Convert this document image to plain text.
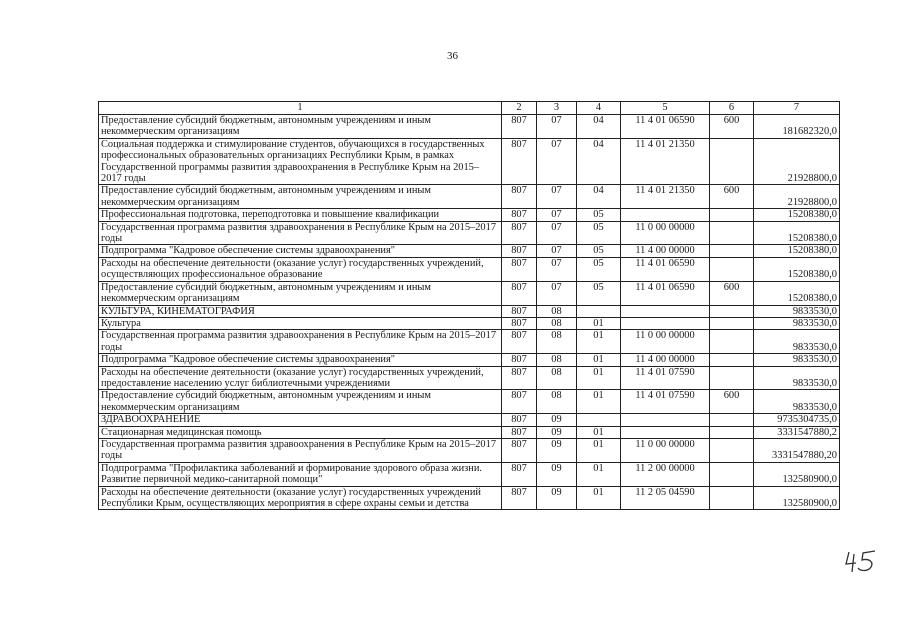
36
1	2	3	4	5	6	7
Предоставление субсидий бюджетным, автономным учреждениям и иным некоммерческим организациям	807	07	04	11 4 01 06590	600	181682320,0
Социальная поддержка и стимулирование студентов, обучающихся в государственных профессиональных образовательных организациях Республики Крым, в рамках Государственной программы развития здравоохранения в Республике Крым на 2015–2017 годы	807	07	04	11 4 01 21350		21928800,0
Предоставление субсидий бюджетным, автономным учреждениям и иным некоммерческим организациям	807	07	04	11 4 01 21350	600	21928800,0
Профессиональная подготовка, переподготовка и повышение квалификации	807	07	05			15208380,0
Государственная программа развития здравоохранения в Республике Крым на 2015–2017 годы	807	07	05	11 0 00 00000		15208380,0
Подпрограмма "Кадровое обеспечение системы здравоохранения"	807	07	05	11 4 00 00000		15208380,0
Расходы на обеспечение деятельности (оказание услуг) государственных учреждений, осуществляющих профессиональное образование	807	07	05	11 4 01 06590		15208380,0
Предоставление субсидий бюджетным, автономным учреждениям и иным некоммерческим организациям	807	07	05	11 4 01 06590	600	15208380,0
КУЛЬТУРА, КИНЕМАТОГРАФИЯ	807	08				9833530,0
Культура	807	08	01			9833530,0
Государственная программа развития здравоохранения в Республике Крым на 2015–2017 годы	807	08	01	11 0 00 00000		9833530,0
Подпрограмма "Кадровое обеспечение системы здравоохранения"	807	08	01	11 4 00 00000		9833530,0
Расходы на обеспечение деятельности (оказание услуг) государственных учреждений, предоставление населению услуг библиотечными учреждениями	807	08	01	11 4 01 07590		9833530,0
Предоставление субсидий бюджетным, автономным учреждениям и иным некоммерческим организациям	807	08	01	11 4 01 07590	600	9833530,0
ЗДРАВООХРАНЕНИЕ	807	09				9735304735,0
Стационарная медицинская помощь	807	09	01			3331547880,2
Государственная программа развития здравоохранения в Республике Крым на 2015–2017 годы	807	09	01	11 0 00 00000		3331547880,20
Подпрограмма "Профилактика заболеваний и формирование здорового образа жизни. Развитие первичной медико-санитарной помощи"	807	09	01	11 2 00 00000		132580900,0
Расходы на обеспечение деятельности (оказание услуг) государственных учреждений Республики Крым, осуществляющих мероприятия в сфере охраны семьи и детства	807	09	01	11 2 05 04590		132580900,0
